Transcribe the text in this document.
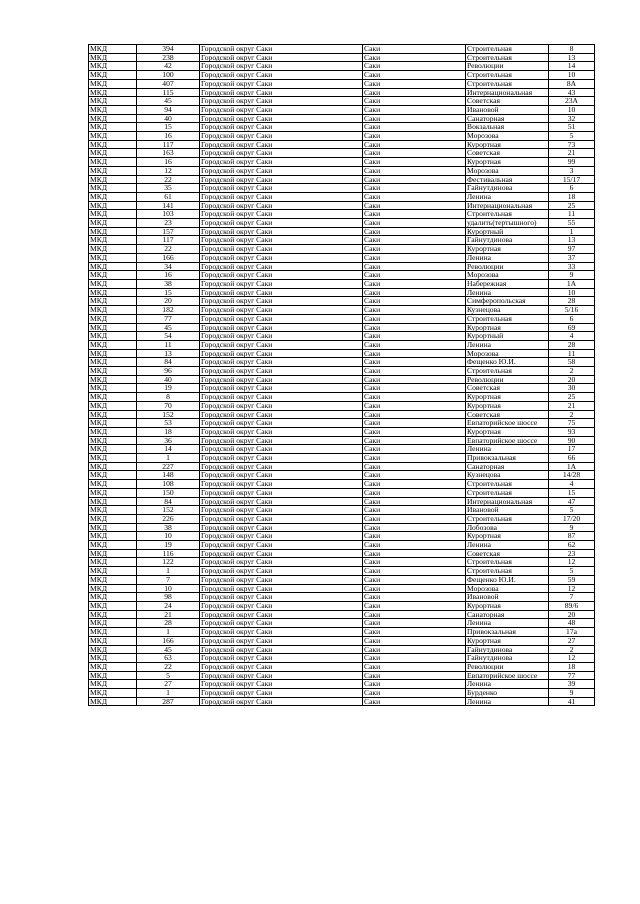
МКД	394	Городской округ Саки	Саки	Строительная	8
МКД	238	Городской округ Саки	Саки	Строительная	13
МКД	42	Городской округ Саки	Саки	Революции	14
МКД	100	Городской округ Саки	Саки	Строительная	10
МКД	407	Городской округ Саки	Саки	Строительная	8А
МКД	115	Городской округ Саки	Саки	Интернациональная	43
МКД	45	Городской округ Саки	Саки	Советская	23А
МКД	94	Городской округ Саки	Саки	Ивановой	10
МКД	40	Городской округ Саки	Саки	Санаторная	32
МКД	15	Городской округ Саки	Саки	Вокзальная	51
МКД	16	Городской округ Саки	Саки	Морозова	5
МКД	117	Городской округ Саки	Саки	Курортная	73
МКД	163	Городской округ Саки	Саки	Советская	21
МКД	16	Городской округ Саки	Саки	Курортная	99
МКД	12	Городской округ Саки	Саки	Морозова	3
МКД	22	Городской округ Саки	Саки	Фестивальная	15/17
МКД	35	Городской округ Саки	Саки	Гайнутдинова	6
МКД	61	Городской округ Саки	Саки	Ленина	18
МКД	141	Городской округ Саки	Саки	Интернациональная	25
МКД	103	Городской округ Саки	Саки	Строительная	11
МКД	23	Городской округ Саки	Саки	удалить(тертышного)	55
МКД	157	Городской округ Саки	Саки	Курортный	1
МКД	117	Городской округ Саки	Саки	Гайнутдинова	13
МКД	22	Городской округ Саки	Саки	Курортная	97
МКД	166	Городской округ Саки	Саки	Ленина	37
МКД	34	Городской округ Саки	Саки	Революции	33
МКД	16	Городской округ Саки	Саки	Морозова	9
МКД	38	Городской округ Саки	Саки	Набережная	1А
МКД	15	Городской округ Саки	Саки	Ленина	10
МКД	20	Городской округ Саки	Саки	Симферопольская	28
МКД	182	Городской округ Саки	Саки	Кузнецова	5/16
МКД	77	Городской округ Саки	Саки	Строительная	6
МКД	45	Городской округ Саки	Саки	Курортная	69
МКД	54	Городской округ Саки	Саки	Курортный	4
МКД	11	Городской округ Саки	Саки	Ленина	28
МКД	13	Городской округ Саки	Саки	Морозова	11
МКД	84	Городской округ Саки	Саки	Фещенко Ю.И.	58
МКД	96	Городской округ Саки	Саки	Строительная	2
МКД	40	Городской округ Саки	Саки	Революции	20
МКД	19	Городской округ Саки	Саки	Советская	30
МКД	8	Городской округ Саки	Саки	Курортная	25
МКД	70	Городской округ Саки	Саки	Курортная	21
МКД	152	Городской округ Саки	Саки	Советская	2
МКД	53	Городской округ Саки	Саки	Евпаторийское шоссе	75
МКД	18	Городской округ Саки	Саки	Курортная	93
МКД	36	Городской округ Саки	Саки	Евпаторийское шоссе	90
МКД	14	Городской округ Саки	Саки	Ленина	17
МКД	1	Городской округ Саки	Саки	Привокзальная	66
МКД	227	Городской округ Саки	Саки	Санаторная	1А
МКД	148	Городской округ Саки	Саки	Кузнецова	14/28
МКД	108	Городской округ Саки	Саки	Строительная	4
МКД	150	Городской округ Саки	Саки	Строительная	15
МКД	84	Городской округ Саки	Саки	Интернациональная	47
МКД	152	Городской округ Саки	Саки	Ивановой	5
МКД	226	Городской округ Саки	Саки	Строительная	17/20
МКД	38	Городской округ Саки	Саки	Лобозова	9
МКД	10	Городской округ Саки	Саки	Курортная	87
МКД	19	Городской округ Саки	Саки	Ленина	62
МКД	116	Городской округ Саки	Саки	Советская	23
МКД	122	Городской округ Саки	Саки	Строительная	12
МКД	1	Городской округ Саки	Саки	Строительная	5
МКД	7	Городской округ Саки	Саки	Фещенко Ю.И.	59
МКД	10	Городской округ Саки	Саки	Морозова	12
МКД	98	Городской округ Саки	Саки	Ивановой	7
МКД	24	Городской округ Саки	Саки	Курортная	89/6
МКД	21	Городской округ Саки	Саки	Санаторная	20
МКД	28	Городской округ Саки	Саки	Ленина	48
МКД	1	Городской округ Саки	Саки	Привокзальная	17а
МКД	166	Городской округ Саки	Саки	Курортная	27
МКД	45	Городской округ Саки	Саки	Гайнутдинова	2
МКД	63	Городской округ Саки	Саки	Гайнутдинова	12
МКД	22	Городской округ Саки	Саки	Революции	18
МКД	5	Городской округ Саки	Саки	Евпаторийское шоссе	77
МКД	27	Городской округ Саки	Саки	Ленина	39
МКД	1	Городской округ Саки	Саки	Бурденко	9
МКД	287	Городской округ Саки	Саки	Ленина	41
